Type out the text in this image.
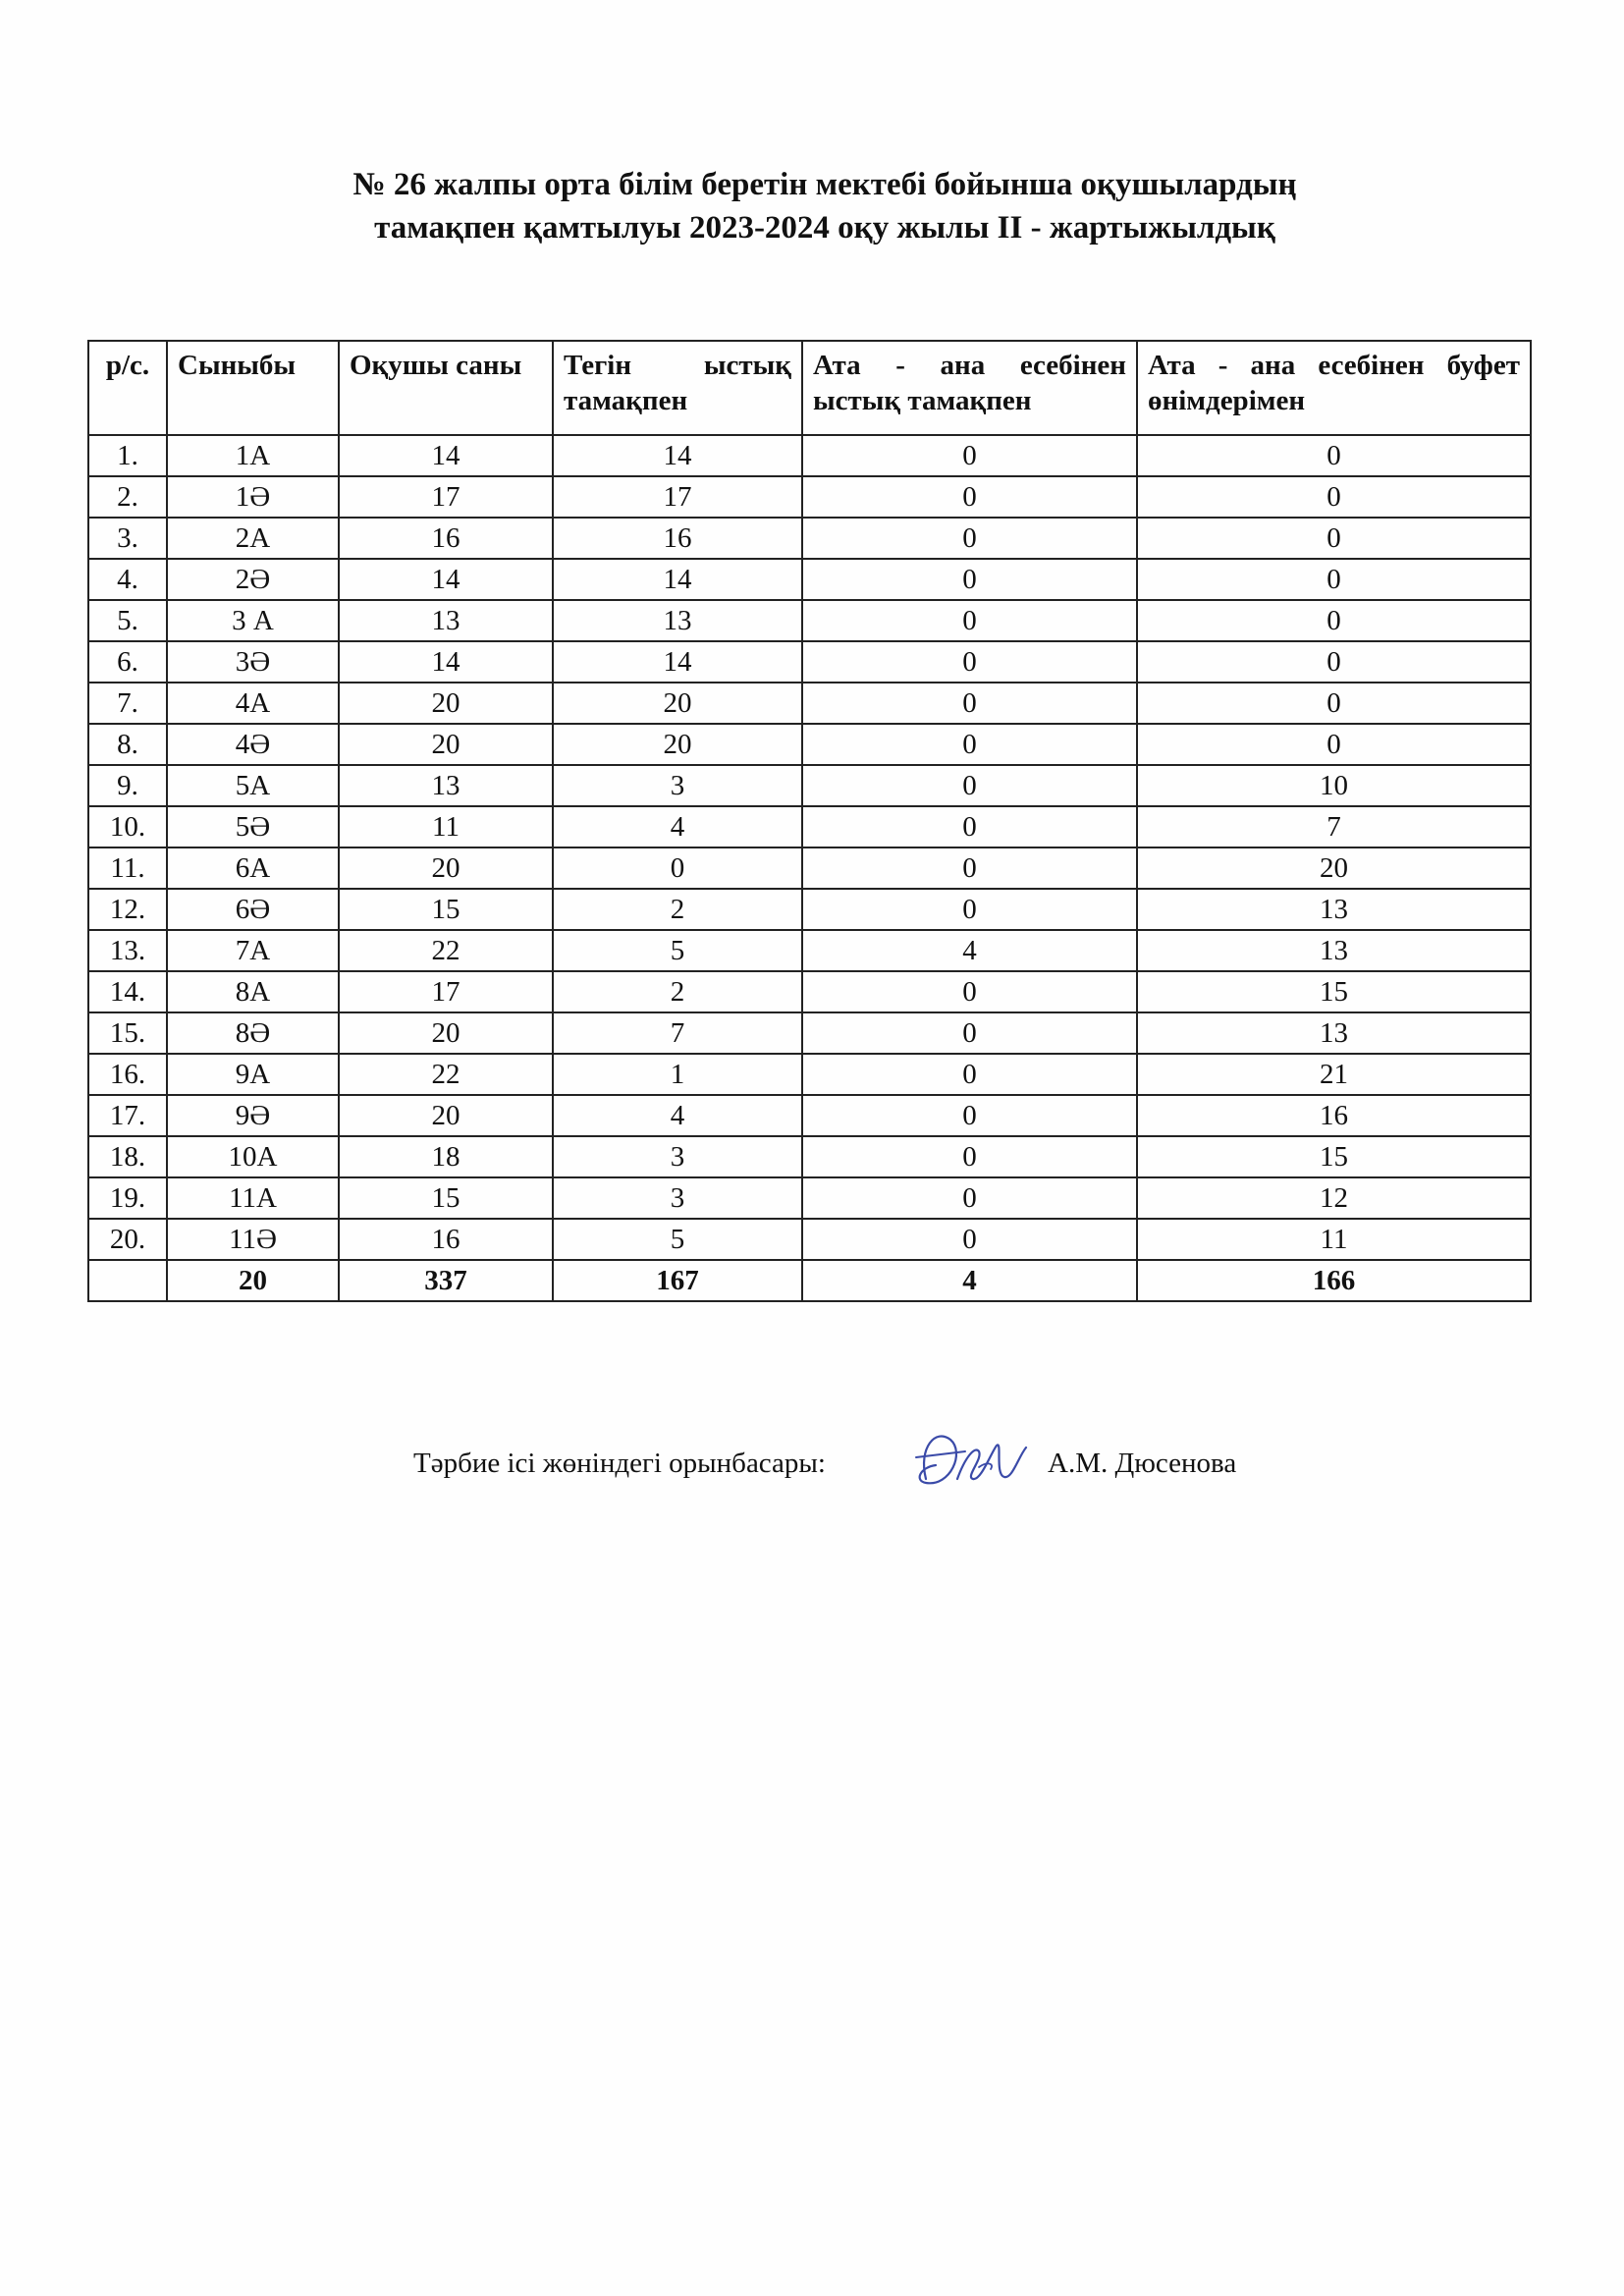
№ 26 жалпы орта білім беретін мектебі бойынша оқушылардың
тамақпен қамтылуы 2023-2024 оқу жылы II - жартыжылдық
р/с.	Сыныбы	Оқушы саны	Тегін ыстық тамақпен	Ата - ана есебінен ыстық тамақпен	Ата - ана есебінен буфет өнімдерімен
1.	1А	14	14	0	0
2.	1Ә	17	17	0	0
3.	2А	16	16	0	0
4.	2Ә	14	14	0	0
5.	3 А	13	13	0	0
6.	3Ә	14	14	0	0
7.	4А	20	20	0	0
8.	4Ә	20	20	0	0
9.	5А	13	3	0	10
10.	5Ә	11	4	0	7
11.	6А	20	0	0	20
12.	6Ә	15	2	0	13
13.	7А	22	5	4	13
14.	8А	17	2	0	15
15.	8Ә	20	7	0	13
16.	9А	22	1	0	21
17.	9Ә	20	4	0	16
18.	10А	18	3	0	15
19.	11А	15	3	0	12
20.	11Ә	16	5	0	11
	20	337	167	4	166
Тәрбие ісі жөніндегі орынбасары:	А.М. Дюсенова
